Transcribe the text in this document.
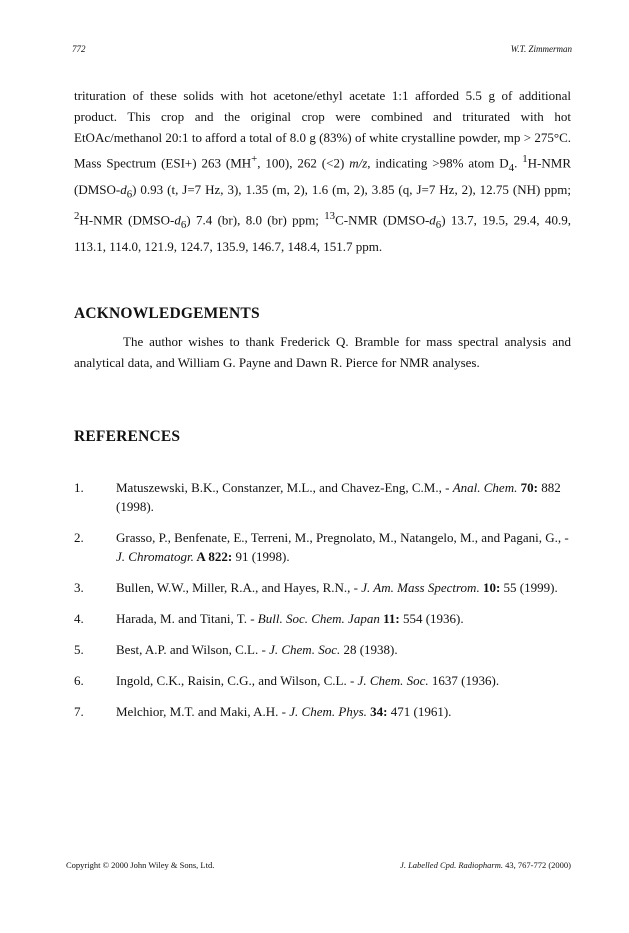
772	W.T. Zimmerman

trituration of these solids with hot acetone/ethyl acetate 1:1 afforded 5.5 g of additional product. This crop and the original crop were combined and triturated with hot EtOAc/methanol 20:1 to afford a total of 8.0 g (83%) of white crystalline powder, mp > 275°C. Mass Spectrum (ESI+) 263 (MH+, 100), 262 (<2) m/z, indicating >98% atom $D_4$. $^1$H-NMR $(DMSO-d_6)$ 0.93 (t, J=7 Hz, 3), 1.35 (m, 2), 1.6 (m, 2), 3.85 (q, J=7 Hz, 2), 12.75 (NH) ppm; $^2$H-NMR $(DMSO-d_6)$ 7.4 (br), 8.0 (br) ppm; $^{13}$C-NMR $(DMSO-d_6)$ 13.7, 19.5, 29.4, 40.9, 113.1, 114.0, 121.9, 124.7, 135.9, 146.7, 148.4, 151.7 ppm.

ACKNOWLEDGEMENTS

The author wishes to thank Frederick Q. Bramble for mass spectral analysis and analytical data, and William G. Payne and Dawn R. Pierce for NMR analyses.

REFERENCES
1.	Matuszewski, B.K., Constanzer, M.L., and Chavez-Eng, C.M., - Anal. Chem. 70: 882 (1998).
2.	Grasso, P., Benfenate, E., Terreni, M., Pregnolato, M., Natangelo, M., and Pagani, G., - J. Chromatogr. A 822: 91 (1998).
3.	Bullen, W.W., Miller, R.A., and Hayes, R.N., - J. Am. Mass Spectrom. 10: 55 (1999).
4.	Harada, M. and Titani, T. - Bull. Soc. Chem. Japan 11: 554 (1936).
5.	Best, A.P. and Wilson, C.L. - J. Chem. Soc. 28 (1938).
6.	Ingold, C.K., Raisin, C.G., and Wilson, C.L. - J. Chem. Soc. 1637 (1936).
7.	Melchior, M.T. and Maki, A.H. - J. Chem. Phys. 34: 471 (1961).
Copyright © 2000 John Wiley & Sons, Ltd.	J. Labelled Cpd. Radiopharm. 43, 767-772 (2000)
